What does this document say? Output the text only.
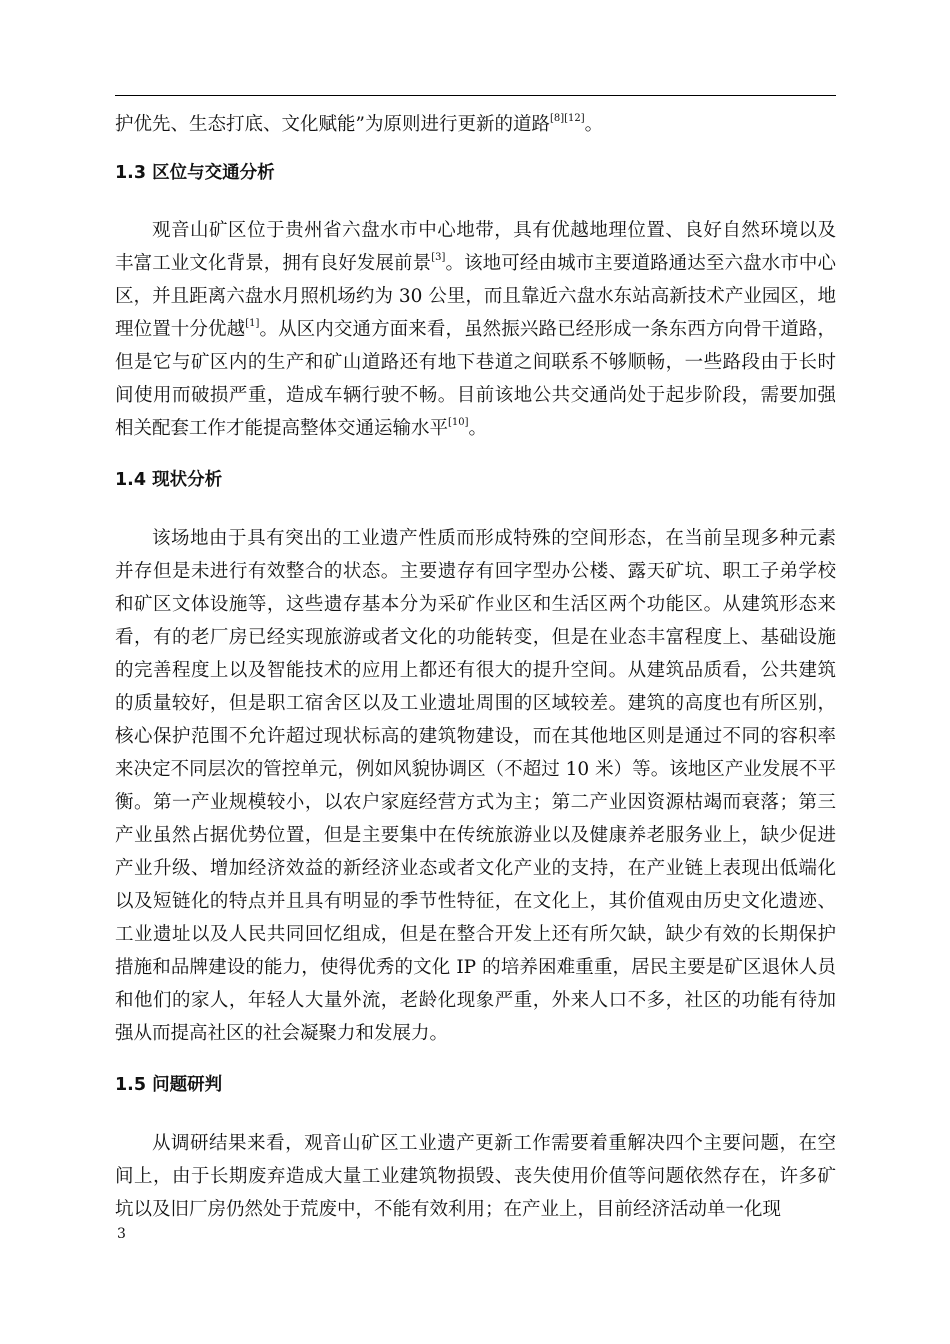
护优先、生态打底、文化赋能”为原则进行更新的道路[8][12]。

1.3 区位与交通分析

观音山矿区位于贵州省六盘水市中心地带，具有优越地理位置、良好自然环境以及丰富工业文化背景，拥有良好发展前景[3]。该地可经由城市主要道路通达至六盘水市中心区，并且距离六盘水月照机场约为 30 公里，而且靠近六盘水东站高新技术产业园区，地理位置十分优越[1]。从区内交通方面来看，虽然振兴路已经形成一条东西方向骨干道路，但是它与矿区内的生产和矿山道路还有地下巷道之间联系不够顺畅，一些路段由于长时间使用而破损严重，造成车辆行驶不畅。目前该地公共交通尚处于起步阶段，需要加强相关配套工作才能提高整体交通运输水平[10]。

1.4 现状分析

该场地由于具有突出的工业遗产性质而形成特殊的空间形态，在当前呈现多种元素并存但是未进行有效整合的状态。主要遗存有回字型办公楼、露天矿坑、职工子弟学校和矿区文体设施等，这些遗存基本分为采矿作业区和生活区两个功能区。从建筑形态来看，有的老厂房已经实现旅游或者文化的功能转变，但是在业态丰富程度上、基础设施的完善程度上以及智能技术的应用上都还有很大的提升空间。从建筑品质看，公共建筑的质量较好，但是职工宿舍区以及工业遗址周围的区域较差。建筑的高度也有所区别，核心保护范围不允许超过现状标高的建筑物建设，而在其他地区则是通过不同的容积率来决定不同层次的管控单元，例如风貌协调区（不超过 10 米）等。该地区产业发展不平衡。第一产业规模较小，以农户家庭经营方式为主；第二产业因资源枯竭而衰落；第三产业虽然占据优势位置，但是主要集中在传统旅游业以及健康养老服务业上，缺少促进产业升级、增加经济效益的新经济业态或者文化产业的支持，在产业链上表现出低端化以及短链化的特点并且具有明显的季节性特征，在文化上，其价值观由历史文化遗迹、工业遗址以及人民共同回忆组成，但是在整合开发上还有所欠缺，缺少有效的长期保护措施和品牌建设的能力，使得优秀的文化 IP 的培养困难重重，居民主要是矿区退休人员和他们的家人，年轻人大量外流，老龄化现象严重，外来人口不多，社区的功能有待加强从而提高社区的社会凝聚力和发展力。

1.5 问题研判

从调研结果来看，观音山矿区工业遗产更新工作需要着重解决四个主要问题，在空间上，由于长期废弃造成大量工业建筑物损毁、丧失使用价值等问题依然存在，许多矿坑以及旧厂房仍然处于荒废中，不能有效利用；在产业上，目前经济活动单一化现

3
